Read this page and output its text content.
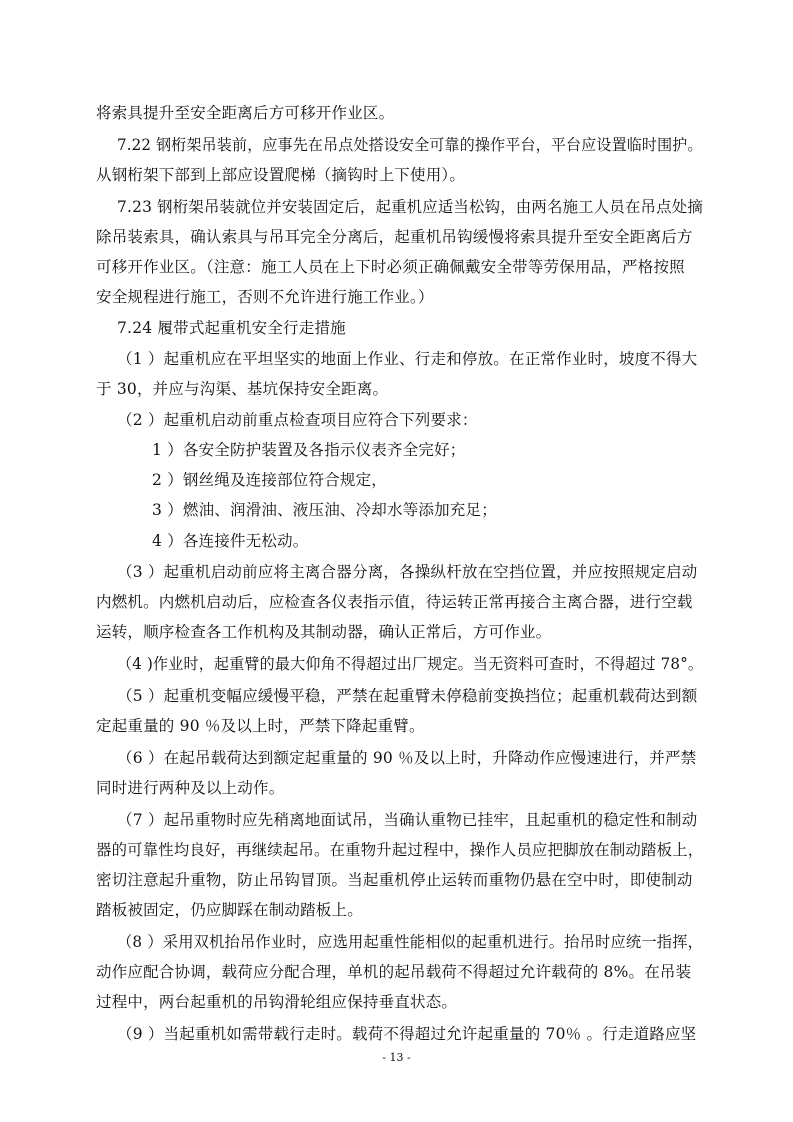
将索具提升至安全距离后方可移开作业区。
7.22 钢桁架吊装前，应事先在吊点处搭设安全可靠的操作平台，平台应设置临时围护。
从钢桁架下部到上部应设置爬梯（摘钩时上下使用）。
7.23 钢桁架吊装就位并安装固定后，起重机应适当松钩，由两名施工人员在吊点处摘
除吊装索具，确认索具与吊耳完全分离后，起重机吊钩缓慢将索具提升至安全距离后方
可移开作业区。（注意：施工人员在上下时必须正确佩戴安全带等劳保用品，严格按照
安全规程进行施工，否则不允许进行施工作业。）
7.24 履带式起重机安全行走措施
（1 ）起重机应在平坦坚实的地面上作业、行走和停放。在正常作业时，坡度不得大
于 30，并应与沟渠、基坑保持安全距离。
（2 ）起重机启动前重点检查项目应符合下列要求：
1 ）各安全防护装置及各指示仪表齐全完好；
2 ）钢丝绳及连接部位符合规定，
3 ）燃油、润滑油、液压油、冷却水等添加充足；
4 ）各连接件无松动。
（3 ）起重机启动前应将主离合器分离，各操纵杆放在空挡位置，并应按照规定启动
内燃机。内燃机启动后，应检查各仪表指示值，待运转正常再接合主离合器，进行空载
运转，顺序检查各工作机构及其制动器，确认正常后，方可作业。
（4 )作业时，起重臂的最大仰角不得超过出厂规定。当无资料可查时，不得超过 78°。
（5 ）起重机变幅应缓慢平稳，严禁在起重臂未停稳前变换挡位；起重机载荷达到额
定起重量的 90 ％及以上时，严禁下降起重臂。
（6 ）在起吊载荷达到额定起重量的 90 ％及以上时，升降动作应慢速进行，并严禁
同时进行两种及以上动作。
（7 ）起吊重物时应先稍离地面试吊，当确认重物已挂牢，且起重机的稳定性和制动
器的可靠性均良好，再继续起吊。在重物升起过程中，操作人员应把脚放在制动踏板上，
密切注意起升重物，防止吊钩冒顶。当起重机停止运转而重物仍悬在空中时，即使制动
踏板被固定，仍应脚踩在制动踏板上。
（8 ）采用双机抬吊作业时，应选用起重性能相似的起重机进行。抬吊时应统一指挥，
动作应配合协调，载荷应分配合理，单机的起吊载荷不得超过允许载荷的 8%。在吊装
过程中，两台起重机的吊钩滑轮组应保持垂直状态。
（9 ）当起重机如需带载行走时。载荷不得超过允许起重量的 70％ 。行走道路应坚
- 13 -
